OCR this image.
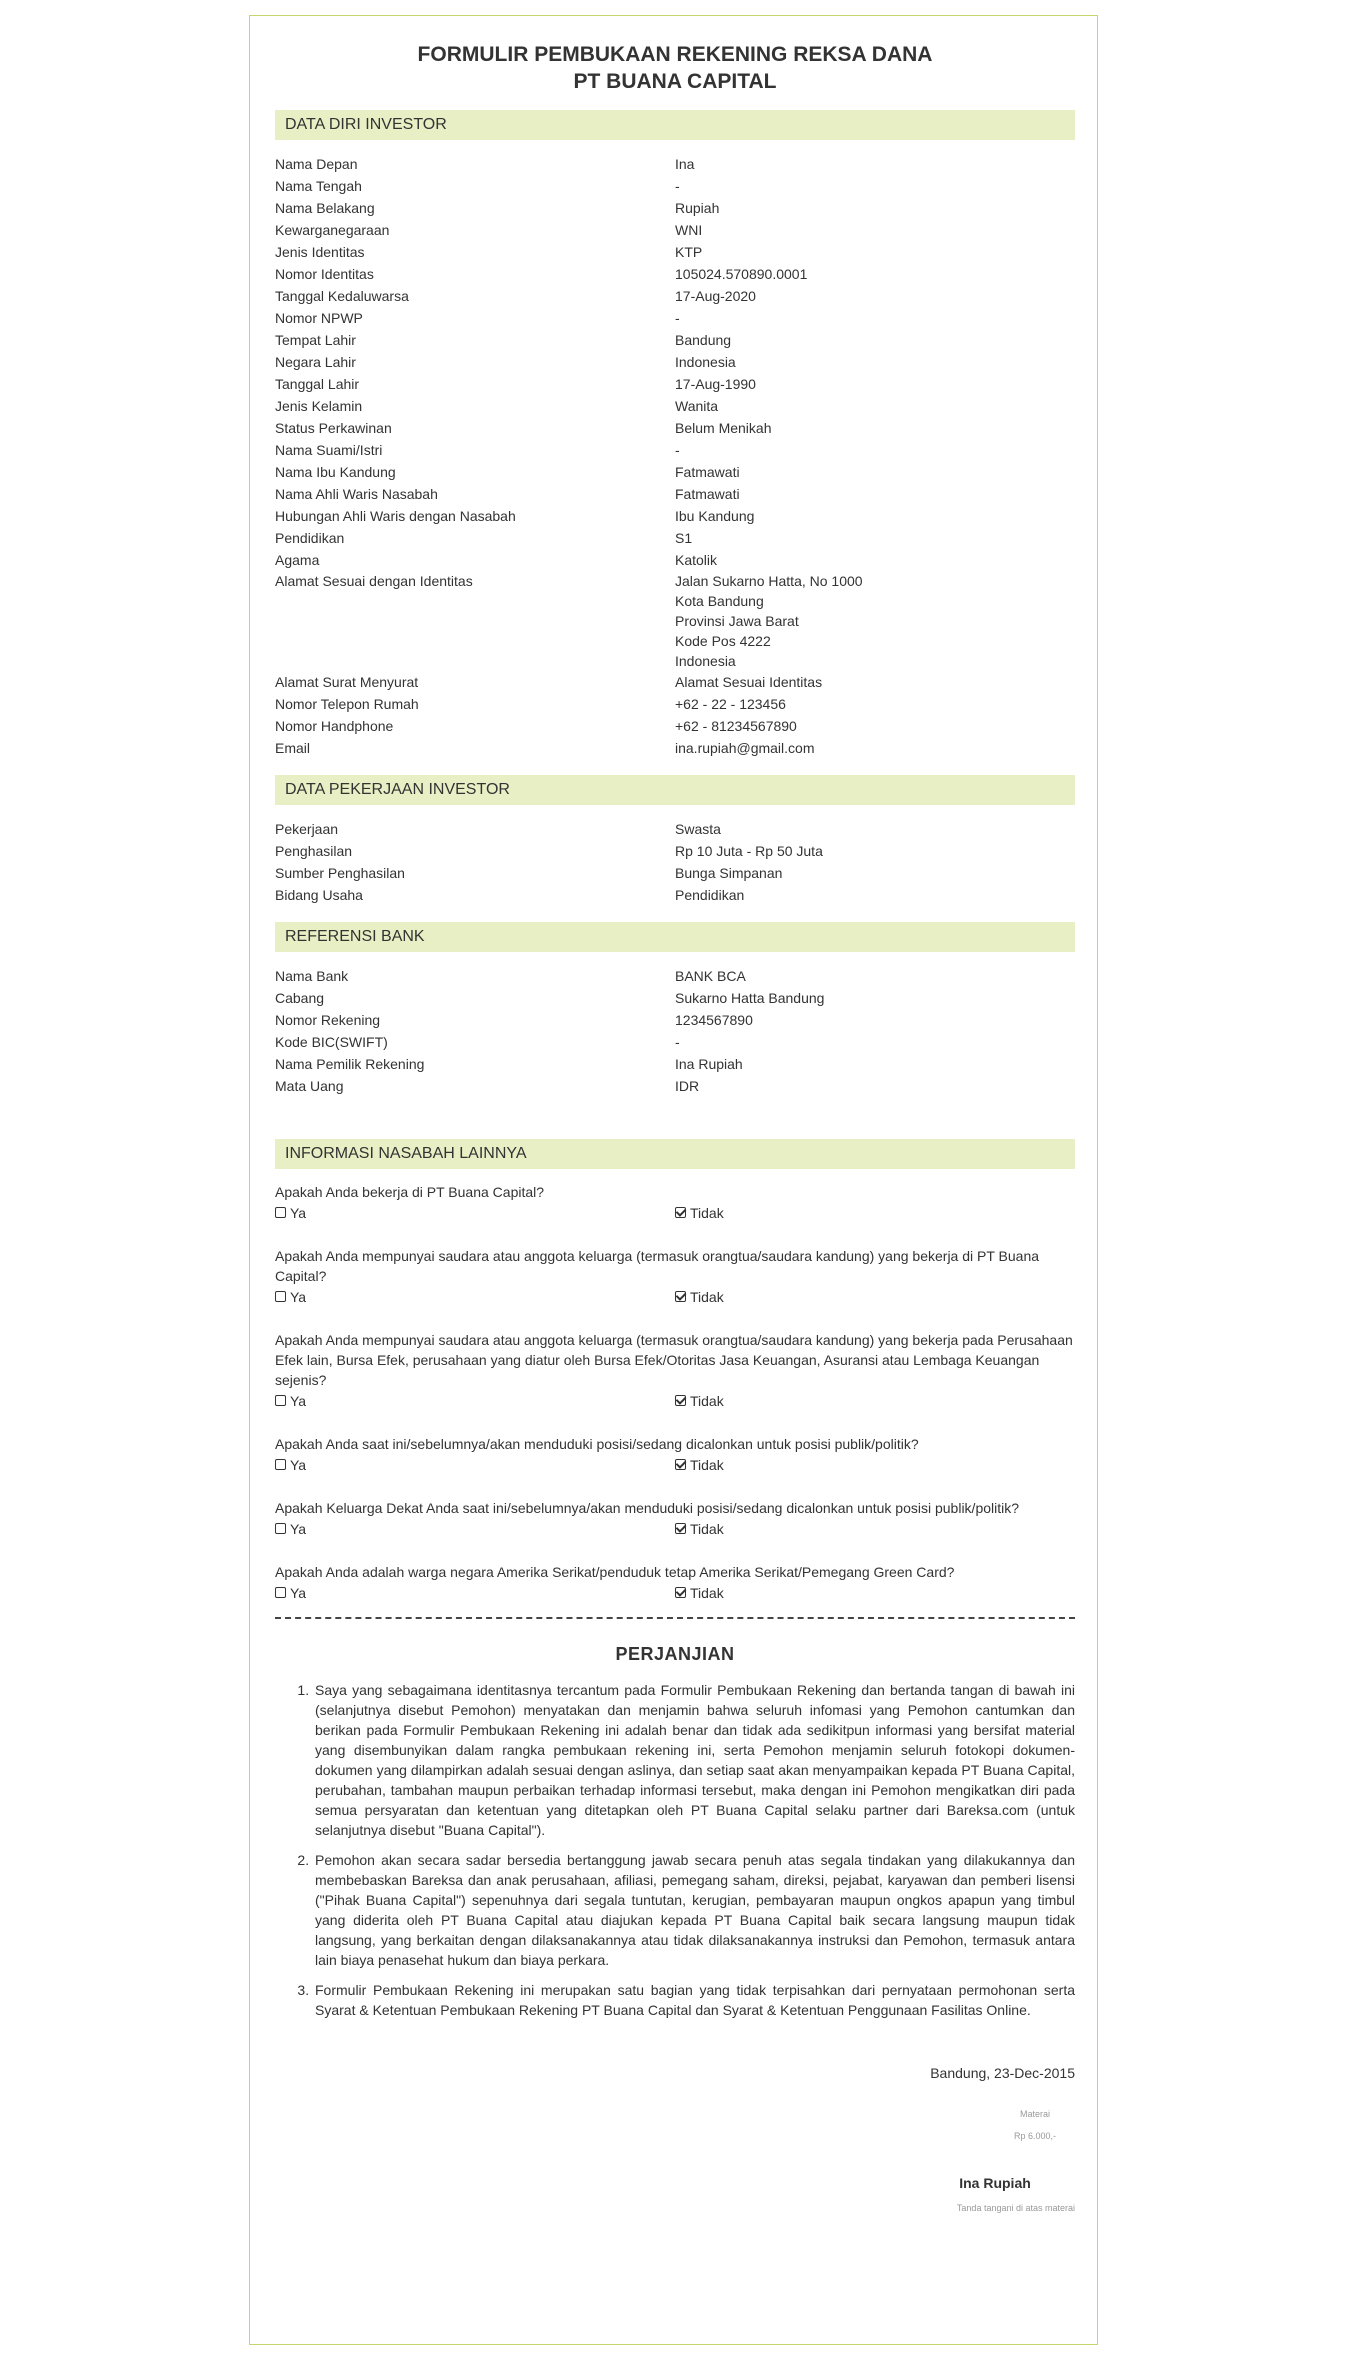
FORMULIR PEMBUKAAN REKENING REKSA DANA
PT BUANA CAPITAL
DATA DIRI INVESTOR
Nama Depan	Ina
Nama Tengah	-
Nama Belakang	Rupiah
Kewarganegaraan	WNI
Jenis Identitas	KTP
Nomor Identitas	105024.570890.0001
Tanggal Kedaluwarsa	17-Aug-2020
Nomor NPWP	-
Tempat Lahir	Bandung
Negara Lahir	Indonesia
Tanggal Lahir	17-Aug-1990
Jenis Kelamin	Wanita
Status Perkawinan	Belum Menikah
Nama Suami/Istri	-
Nama Ibu Kandung	Fatmawati
Nama Ahli Waris Nasabah	Fatmawati
Hubungan Ahli Waris dengan Nasabah	Ibu Kandung
Pendidikan	S1
Agama	Katolik
Alamat Sesuai dengan Identitas	Jalan Sukarno Hatta, No 1000
Kota Bandung
Provinsi Jawa Barat
Kode Pos 4222
Indonesia
Alamat Surat Menyurat	Alamat Sesuai Identitas
Nomor Telepon Rumah	+62 - 22 - 123456
Nomor Handphone	+62 - 81234567890
Email	ina.rupiah@gmail.com
DATA PEKERJAAN INVESTOR
Pekerjaan	Swasta
Penghasilan	Rp 10 Juta - Rp 50 Juta
Sumber Penghasilan	Bunga Simpanan
Bidang Usaha	Pendidikan
REFERENSI BANK
Nama Bank	BANK BCA
Cabang	Sukarno Hatta Bandung
Nomor Rekening	1234567890
Kode BIC(SWIFT)	-
Nama Pemilik Rekening	Ina Rupiah
Mata Uang	IDR
INFORMASI NASABAH LAINNYA
Apakah Anda bekerja di PT Buana Capital?
Ya	Tidak
Apakah Anda mempunyai saudara atau anggota keluarga (termasuk orangtua/saudara kandung) yang bekerja di PT Buana Capital?
Ya	Tidak
Apakah Anda mempunyai saudara atau anggota keluarga (termasuk orangtua/saudara kandung) yang bekerja pada Perusahaan Efek lain, Bursa Efek, perusahaan yang diatur oleh Bursa Efek/Otoritas Jasa Keuangan, Asuransi atau Lembaga Keuangan sejenis?
Ya	Tidak
Apakah Anda saat ini/sebelumnya/akan menduduki posisi/sedang dicalonkan untuk posisi publik/politik?
Ya	Tidak
Apakah Keluarga Dekat Anda saat ini/sebelumnya/akan menduduki posisi/sedang dicalonkan untuk posisi publik/politik?
Ya	Tidak
Apakah Anda adalah warga negara Amerika Serikat/penduduk tetap Amerika Serikat/Pemegang Green Card?
Ya	Tidak
PERJANJIAN
1. Saya yang sebagaimana identitasnya tercantum pada Formulir Pembukaan Rekening dan bertanda tangan di bawah ini (selanjutnya disebut Pemohon) menyatakan dan menjamin bahwa seluruh infomasi yang Pemohon cantumkan dan berikan pada Formulir Pembukaan Rekening ini adalah benar dan tidak ada sedikitpun informasi yang bersifat material yang disembunyikan dalam rangka pembukaan rekening ini, serta Pemohon menjamin seluruh fotokopi dokumen-dokumen yang dilampirkan adalah sesuai dengan aslinya, dan setiap saat akan menyampaikan kepada PT Buana Capital, perubahan, tambahan maupun perbaikan terhadap informasi tersebut, maka dengan ini Pemohon mengikatkan diri pada semua persyaratan dan ketentuan yang ditetapkan oleh PT Buana Capital selaku partner dari Bareksa.com (untuk selanjutnya disebut "Buana Capital").
2. Pemohon akan secara sadar bersedia bertanggung jawab secara penuh atas segala tindakan yang dilakukannya dan membebaskan Bareksa dan anak perusahaan, afiliasi, pemegang saham, direksi, pejabat, karyawan dan pemberi lisensi ("Pihak Buana Capital") sepenuhnya dari segala tuntutan, kerugian, pembayaran maupun ongkos apapun yang timbul yang diderita oleh PT Buana Capital atau diajukan kepada PT Buana Capital baik secara langsung maupun tidak langsung, yang berkaitan dengan dilaksanakannya atau tidak dilaksanakannya instruksi dan Pemohon, termasuk antara lain biaya penasehat hukum dan biaya perkara.
3. Formulir Pembukaan Rekening ini merupakan satu bagian yang tidak terpisahkan dari pernyataan permohonan serta Syarat & Ketentuan Pembukaan Rekening PT Buana Capital dan Syarat & Ketentuan Penggunaan Fasilitas Online.
Bandung, 23-Dec-2015
Materai
Rp 6.000,-
Ina Rupiah
Tanda tangani di atas materai
